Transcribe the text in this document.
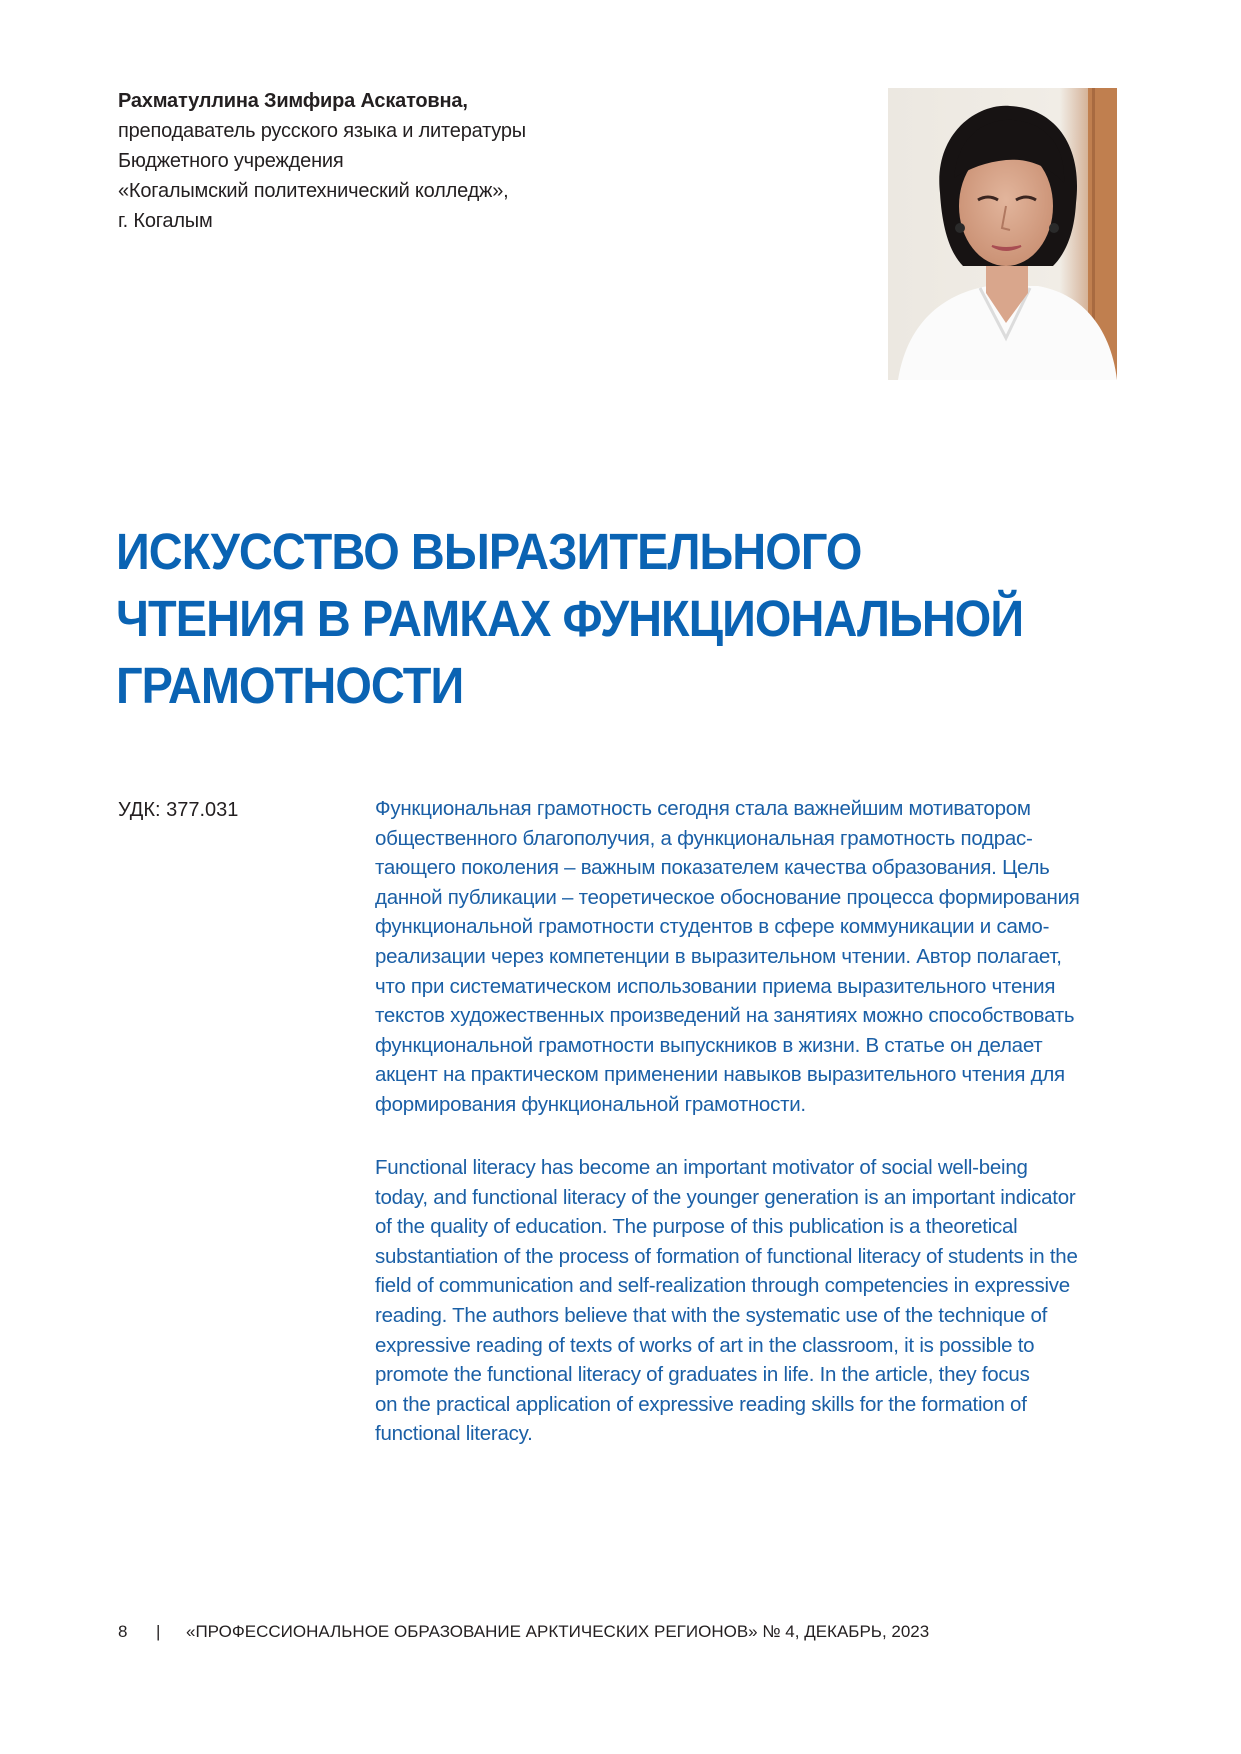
Рахматуллина Зимфира Аскатовна,
преподаватель русского языка и литературы
Бюджетного учреждения
«Когалымский политехнический колледж»,
г. Когалым
ИСКУССТВО ВЫРАЗИТЕЛЬНОГО
ЧТЕНИЯ В РАМКАХ ФУНКЦИОНАЛЬНОЙ
ГРАМОТНОСТИ
УДК: 377.031	Функциональная грамотность сегодня стала важнейшим мотиватором
общественного благополучия, а функциональная грамотность подрас-
тающего поколения – важным показателем качества образования. Цель
данной публикации – теоретическое обоснование процесса формирования
функциональной грамотности студентов в сфере коммуникации и само-
реализации через компетенции в выразительном чтении. Автор полагает,
что при систематическом использовании приема выразительного чтения
текстов художественных произведений на занятиях можно способствовать
функциональной грамотности выпускников в жизни. В статье он делает
акцент на практическом применении навыков выразительного чтения для
формирования функциональной грамотности.
Functional literacy has become an important motivator of social well-being
today, and functional literacy of the younger generation is an important indicator
of the quality of education. The purpose of this publication is a theoretical
substantiation of the process of formation of functional literacy of students in the
field of communication and self-realization through competencies in expressive
reading. The authors believe that with the systematic use of the technique of
expressive reading of texts of works of art in the classroom, it is possible to
promote the functional literacy of graduates in life. In the article, they focus
on the practical application of expressive reading skills for the formation of
functional literacy.
8 | «ПРОФЕССИОНАЛЬНОЕ ОБРАЗОВАНИЕ АРКТИЧЕСКИХ РЕГИОНОВ» № 4, ДЕКАБРЬ, 2023
